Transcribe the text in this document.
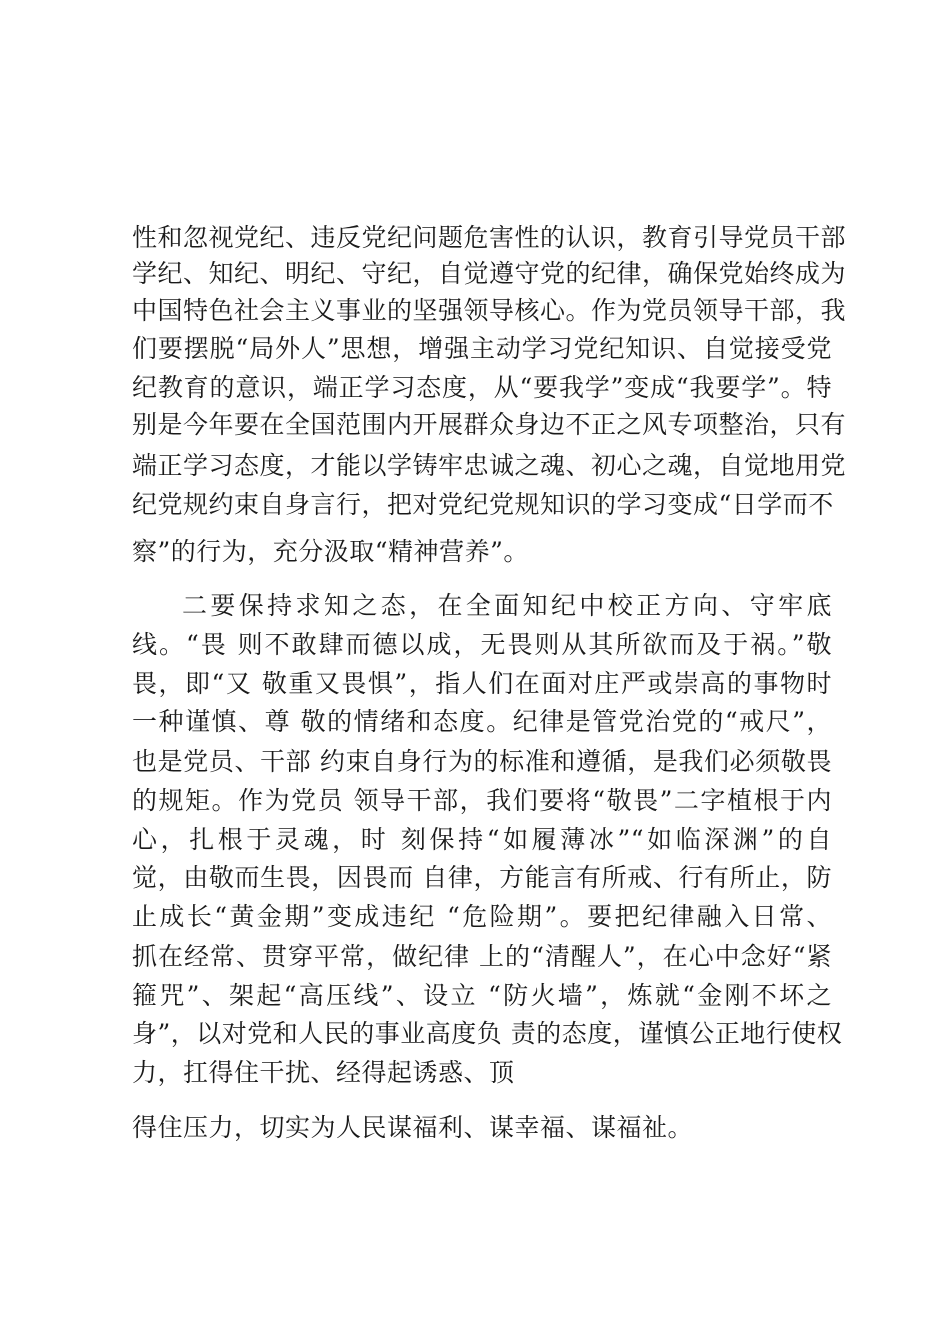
性和忽视党纪、违反党纪问题危害性的认识，教育引导党员干部
学纪、知纪、明纪、守纪，自觉遵守党的纪律，确保党始终成为
中国特色社会主义事业的坚强领导核心。作为党员领导干部，我
们要摆脱“局外人”思想，增强主动学习党纪知识、自觉接受党
纪教育的意识，端正学习态度，从“要我学”变成“我要学”。特
别是今年要在全国范围内开展群众身边不正之风专项整治，只有
端正学习态度，才能以学铸牢忠诚之魂、初心之魂，自觉地用党
纪党规约束自身言行，把对党纪党规知识的学习变成“日学而不
察”的行为，充分汲取“精神营养”。
二要保持求知之态，在全面知纪中校正方向、守牢底
线。“畏 则不敢肆而德以成，无畏则从其所欲而及于祸。”敬
畏，即“又 敬重又畏惧”，指人们在面对庄严或崇高的事物时
一种谨慎、尊 敬的情绪和态度。纪律是管党治党的“戒尺”，
也是党员、干部 约束自身行为的标准和遵循，是我们必须敬畏
的规矩。作为党员 领导干部，我们要将“敬畏”二字植根于内
心，扎根于灵魂，时 刻保持“如履薄冰”“如临深渊”的自
觉，由敬而生畏，因畏而 自律，方能言有所戒、行有所止，防
止成长“黄金期”变成违纪 “危险期”。要把纪律融入日常、
抓在经常、贯穿平常，做纪律 上的“清醒人”，在心中念好“紧
箍咒”、架起“高压线”、设立 “防火墙”，炼就“金刚不坏之
身”，以对党和人民的事业高度负 责的态度，谨慎公正地行使权
力，扛得住干扰、经得起诱惑、顶
得住压力，切实为人民谋福利、谋幸福、谋福祉。
